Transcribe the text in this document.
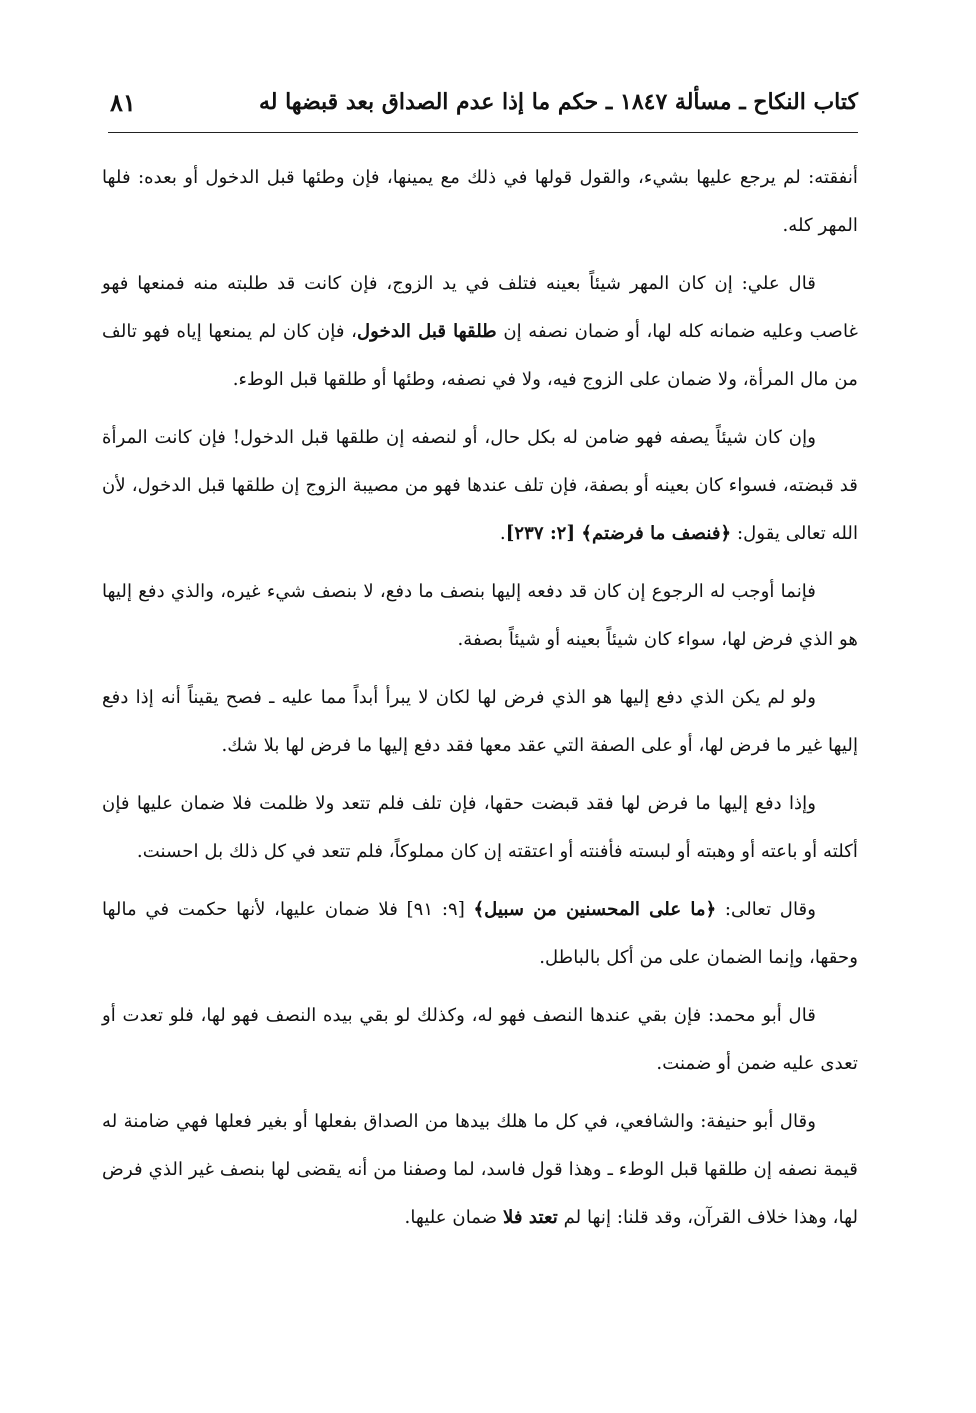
كتاب النكاح ـ مسألة ١٨٤٧ ـ حكم ما إذا عدم الصداق بعد قبضها له
٨١

أنفقته: لم يرجع عليها بشيء، والقول قولها في ذلك مع يمينها، فإن وطئها قبل الدخول أو بعده: فلها المهر كله.

قال علي: إن كان المهر شيئاً بعينه فتلف في يد الزوج، فإن كانت قد طلبته منه فمنعها فهو غاصب وعليه ضمانه كله لها، أو ضمان نصفه إن طلقها قبل الدخول، فإن كان لم يمنعها إياه فهو تالف من مال المرأة، ولا ضمان على الزوج فيه، ولا في نصفه، وطئها أو طلقها قبل الوطء.

وإن كان شيئاً يصفه فهو ضامن له بكل حال، أو لنصفه إن طلقها قبل الدخول! فإن كانت المرأة قد قبضته، فسواء كان بعينه أو بصفة، فإن تلف عندها فهو من مصيبة الزوج إن طلقها قبل الدخول، لأن الله تعالى يقول: ﴿فنصف ما فرضتم﴾ [٢: ٢٣٧].

فإنما أوجب له الرجوع إن كان قد دفعه إليها بنصف ما دفع، لا بنصف شيء غيره، والذي دفع إليها هو الذي فرض لها، سواء كان شيئاً بعينه أو شيئاً بصفة.

ولو لم يكن الذي دفع إليها هو الذي فرض لها لكان لا يبرأ أبداً مما عليه ـ فصح يقيناً أنه إذا دفع إليها غير ما فرض لها، أو على الصفة التي عقد معها فقد دفع إليها ما فرض لها بلا شك.

وإذا دفع إليها ما فرض لها فقد قبضت حقها، فإن تلف فلم تتعد ولا ظلمت فلا ضمان عليها فإن أكلته أو باعته أو وهبته أو لبسته فأفنته أو اعتقته إن كان مملوكاً، فلم تتعد في كل ذلك بل احسنت.

وقال تعالى: ﴿ما على المحسنين من سبيل﴾ [٩: ٩١] فلا ضمان عليها، لأنها حكمت في مالها وحقها، وإنما الضمان على من أكل بالباطل.

قال أبو محمد: فإن بقي عندها النصف فهو له، وكذلك لو بقي بيده النصف فهو لها، فلو تعدت أو تعدى عليه ضمن أو ضمنت.

وقال أبو حنيفة: والشافعي، في كل ما هلك بيدها من الصداق بفعلها أو بغير فعلها فهي ضامنة له قيمة نصفه إن طلقها قبل الوطء ـ وهذا قول فاسد، لما وصفنا من أنه يقضى لها بنصف غير الذي فرض لها، وهذا خلاف القرآن، وقد قلنا: إنها لم تعتد فلا ضمان عليها.
